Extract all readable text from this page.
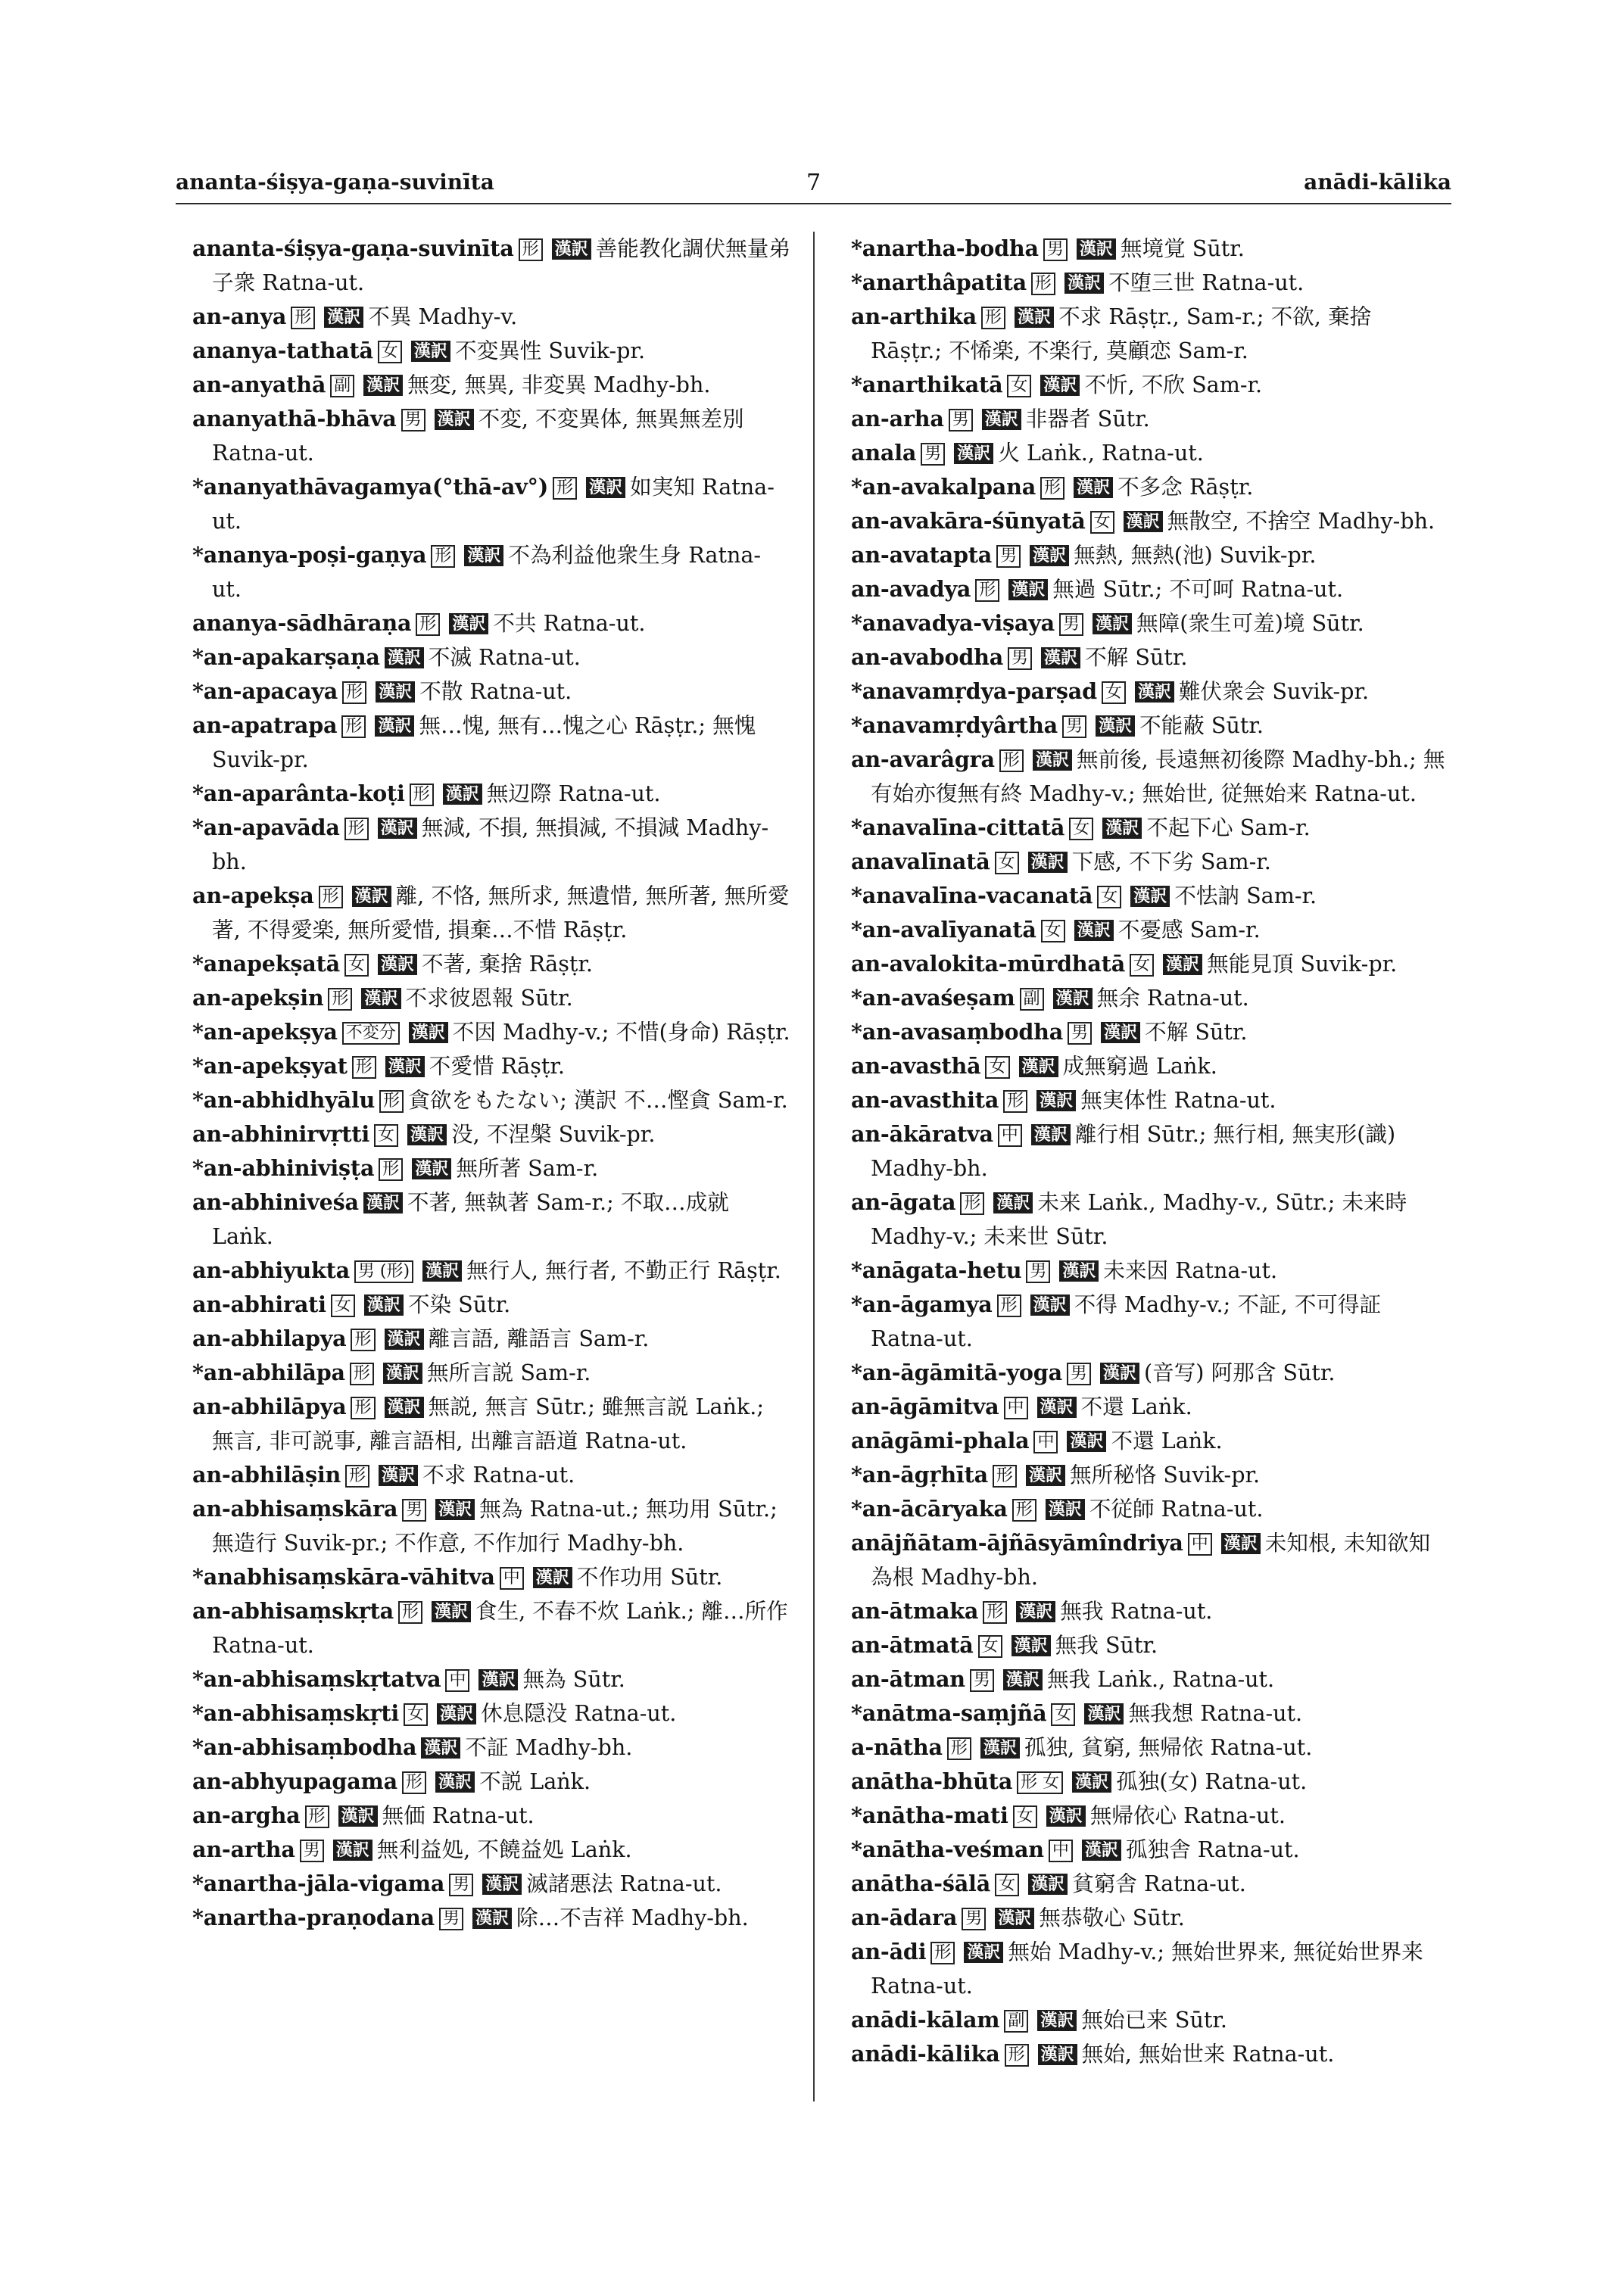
ananta-śiṣya-gaṇa-suvinīta	7	anādi-kālika

ananta-śiṣya-gaṇa-suvinīta 形 漢訳 善能教化調伏無量弟子衆 Ratna-ut.

an-anya 形 漢訳 不異 Madhy-v.

ananya-tathatā 女 漢訳 不変異性 Suvik-pr.

an-anyathā 副 漢訳 無変, 無異, 非変異 Madhy-bh.

ananyathā-bhāva 男 漢訳 不変, 不変異体, 無異無差別 Ratna-ut.

*ananyathāvagamya(°thā-av°) 形 漢訳 如実知 Ratna-ut.

*ananya-poṣi-gaṇya 形 漢訳 不為利益他衆生身 Ratna-ut.

ananya-sādhāraṇa 形 漢訳 不共 Ratna-ut.

*an-apakarṣaṇa 漢訳 不滅 Ratna-ut.

*an-apacaya 形 漢訳 不散 Ratna-ut.

an-apatrapa 形 漢訳 無…愧, 無有…愧之心 Rāṣṭr.; 無愧 Suvik-pr.

*an-aparânta-koṭi 形 漢訳 無辺際 Ratna-ut.

*an-apavāda 形 漢訳 無減, 不損, 無損減, 不損減 Madhy-bh.

an-apekṣa 形 漢訳 離, 不恪, 無所求, 無遺惜, 無所著, 無所愛著, 不得愛楽, 無所愛惜, 損棄…不惜 Rāṣṭr.

*anapekṣatā 女 漢訳 不著, 棄捨 Rāṣṭr.

an-apekṣin 形 漢訳 不求彼恩報 Sūtr.

*an-apekṣya 不変分 漢訳 不因 Madhy-v.; 不惜(身命) Rāṣṭr.

*an-apekṣyat 形 漢訳 不愛惜 Rāṣṭr.

*an-abhidhyālu 形 貪欲をもたない; 漢訳 不…慳貪 Sam-r.

an-abhinirvṛtti 女 漢訳 没, 不涅槃 Suvik-pr.

*an-abhiniviṣṭa 形 漢訳 無所著 Sam-r.

an-abhiniveśa 漢訳 不著, 無執著 Sam-r.; 不取…成就 Laṅk.

an-abhiyukta 男 (形) 漢訳 無行人, 無行者, 不勤正行 Rāṣṭr.

an-abhirati 女 漢訳 不染 Sūtr.

an-abhilapya 形 漢訳 離言語, 離語言 Sam-r.

*an-abhilāpa 形 漢訳 無所言説 Sam-r.

an-abhilāpya 形 漢訳 無説, 無言 Sūtr.; 雖無言説 Laṅk.; 無言, 非可説事, 離言語相, 出離言語道 Ratna-ut.

an-abhilāṣin 形 漢訳 不求 Ratna-ut.

an-abhisaṃskāra 男 漢訳 無為 Ratna-ut.; 無功用 Sūtr.; 無造行 Suvik-pr.; 不作意, 不作加行 Madhy-bh.

*anabhisaṃskāra-vāhitva 中 漢訳 不作功用 Sūtr.

an-abhisaṃskṛta 形 漢訳 食生, 不春不炊 Laṅk.; 離…所作 Ratna-ut.

*an-abhisaṃskṛtatva 中 漢訳 無為 Sūtr.

*an-abhisaṃskṛti 女 漢訳 休息隠没 Ratna-ut.

*an-abhisaṃbodha 漢訳 不証 Madhy-bh.

an-abhyupagama 形 漢訳 不説 Laṅk.

an-argha 形 漢訳 無価 Ratna-ut.

an-artha 男 漢訳 無利益処, 不饒益処 Laṅk.

*anartha-jāla-vigama 男 漢訳 滅諸悪法 Ratna-ut.

*anartha-praṇodana 男 漢訳 除…不吉祥 Madhy-bh.

*anartha-bodha 男 漢訳 無境覚 Sūtr.

*anarthâpatita 形 漢訳 不堕三世 Ratna-ut.

an-arthika 形 漢訳 不求 Rāṣṭr., Sam-r.; 不欲, 棄捨 Rāṣṭr.; 不悕楽, 不楽行, 莫顧恋 Sam-r.

*anarthikatā 女 漢訳 不忻, 不欣 Sam-r.

an-arha 男 漢訳 非器者 Sūtr.

anala 男 漢訳 火 Laṅk., Ratna-ut.

*an-avakalpana 形 漢訳 不多念 Rāṣṭr.

an-avakāra-śūnyatā 女 漢訳 無散空, 不捨空 Madhy-bh.

an-avatapta 男 漢訳 無熱, 無熱(池) Suvik-pr.

an-avadya 形 漢訳 無過 Sūtr.; 不可呵 Ratna-ut.

*anavadya-viṣaya 男 漢訳 無障(衆生可羞)境 Sūtr.

an-avabodha 男 漢訳 不解 Sūtr.

*anavamṛdya-parṣad 女 漢訳 難伏衆会 Suvik-pr.

*anavamṛdyârtha 男 漢訳 不能蔽 Sūtr.

an-avarâgra 形 漢訳 無前後, 長遠無初後際 Madhy-bh.; 無有始亦復無有終 Madhy-v.; 無始世, 従無始来 Ratna-ut.

*anavalīna-cittatā 女 漢訳 不起下心 Sam-r.

anavalīnatā 女 漢訳 下感, 不下劣 Sam-r.

*anavalīna-vacanatā 女 漢訳 不怯訥 Sam-r.

*an-avalīyanatā 女 漢訳 不憂感 Sam-r.

an-avalokita-mūrdhatā 女 漢訳 無能見頂 Suvik-pr.

*an-avaśeṣam 副 漢訳 無余 Ratna-ut.

*an-avasaṃbodha 男 漢訳 不解 Sūtr.

an-avasthā 女 漢訳 成無窮過 Laṅk.

an-avasthita 形 漢訳 無実体性 Ratna-ut.

an-ākāratva 中 漢訳 離行相 Sūtr.; 無行相, 無実形(識) Madhy-bh.

an-āgata 形 漢訳 未来 Laṅk., Madhy-v., Sūtr.; 未来時 Madhy-v.; 未来世 Sūtr.

*anāgata-hetu 男 漢訳 未来因 Ratna-ut.

*an-āgamya 形 漢訳 不得 Madhy-v.; 不証, 不可得証 Ratna-ut.

*an-āgāmitā-yoga 男 漢訳 (音写) 阿那含 Sūtr.

an-āgāmitva 中 漢訳 不還 Laṅk.

anāgāmi-phala 中 漢訳 不還 Laṅk.

*an-āgṛhīta 形 漢訳 無所秘恪 Suvik-pr.

*an-ācāryaka 形 漢訳 不従師 Ratna-ut.

anājñātam-ājñāsyāmîndriya 中 漢訳 未知根, 未知欲知為根 Madhy-bh.

an-ātmaka 形 漢訳 無我 Ratna-ut.

an-ātmatā 女 漢訳 無我 Sūtr.

an-ātman 男 漢訳 無我 Laṅk., Ratna-ut.

*anātma-saṃjñā 女 漢訳 無我想 Ratna-ut.

a-nātha 形 漢訳 孤独, 貧窮, 無帰依 Ratna-ut.

anātha-bhūta 形 女 漢訳 孤独(女) Ratna-ut.

*anātha-mati 女 漢訳 無帰依心 Ratna-ut.

*anātha-veśman 中 漢訳 孤独舎 Ratna-ut.

anātha-śālā 女 漢訳 貧窮舎 Ratna-ut.

an-ādara 男 漢訳 無恭敬心 Sūtr.

an-ādi 形 漢訳 無始 Madhy-v.; 無始世界来, 無従始世界来 Ratna-ut.

anādi-kālam 副 漢訳 無始已来 Sūtr.

anādi-kālika 形 漢訳 無始, 無始世来 Ratna-ut.
